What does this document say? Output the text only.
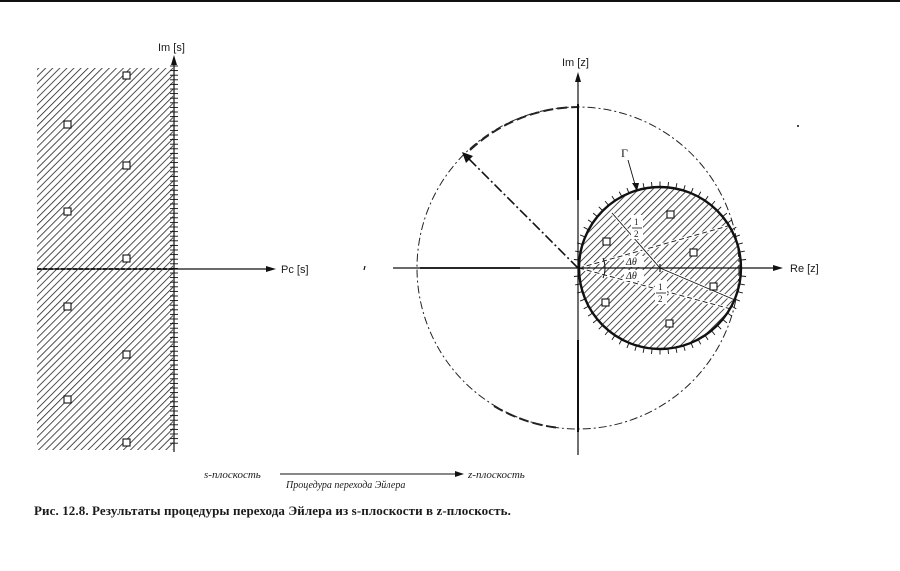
Im [s]
Pc [s]
Im [z]
Re [z]
Γ
1
2
1
2
Δθ
Δθ
s-плоскость
Процедура перехода Эйлера
z-плоскость
Рис. 12.8. Результаты процедуры перехода Эйлера из s-плоскости в z-плоскость.
